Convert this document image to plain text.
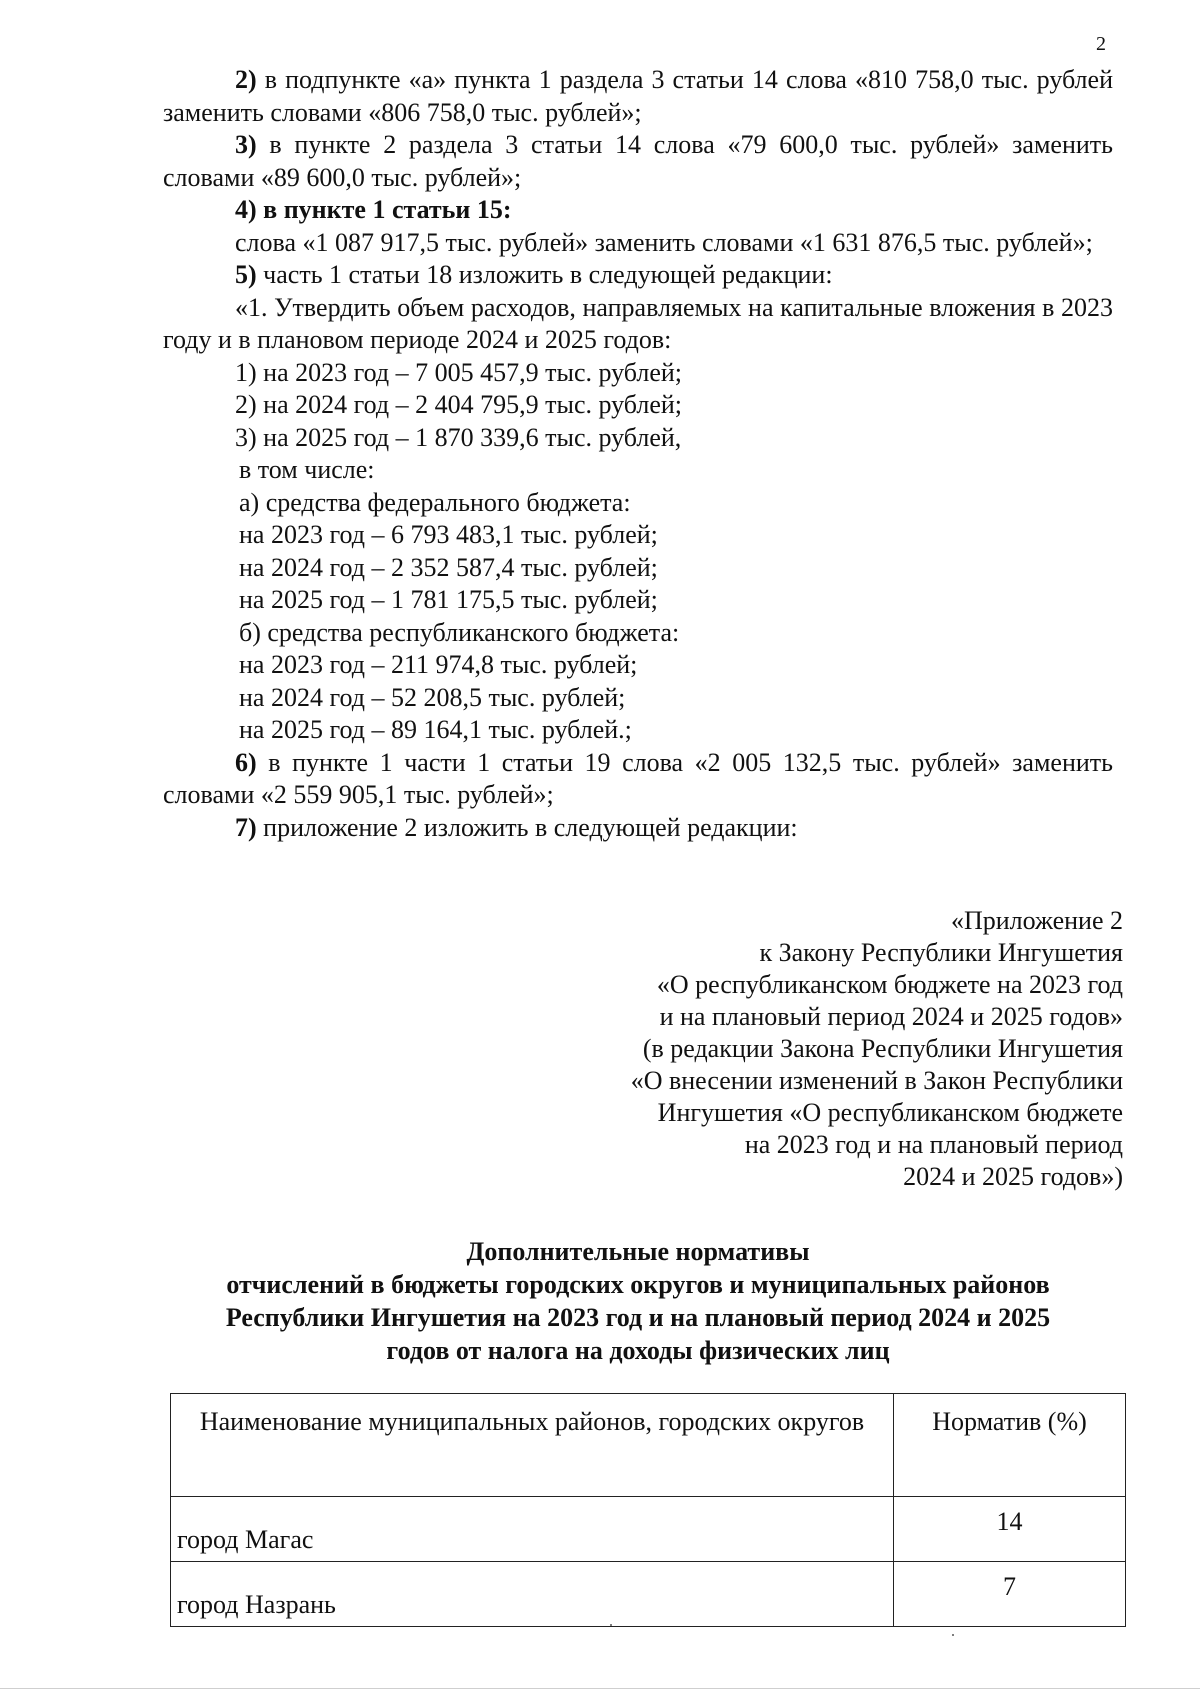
2

2) в подпункте «а» пункта 1 раздела 3 статьи 14 слова «810 758,0 тыс. рублей заменить словами «806 758,0 тыс. рублей»;

3) в пункте 2 раздела 3 статьи 14 слова «79 600,0 тыс. рублей» заменить словами «89 600,0 тыс. рублей»;

4) в пункте 1 статьи 15:

слова «1 087 917,5 тыс. рублей» заменить словами «1 631 876,5 тыс. рублей»;

5) часть 1 статьи 18 изложить в следующей редакции:

«1. Утвердить объем расходов, направляемых на капитальные вложения в 2023 году и в плановом периоде 2024 и 2025 годов:

1) на 2023 год – 7 005 457,9 тыс. рублей;

2) на 2024 год – 2 404 795,9 тыс. рублей;

3) на 2025 год – 1 870 339,6 тыс. рублей,

в том числе:

а) средства федерального бюджета:

на 2023 год – 6 793 483,1 тыс. рублей;

на 2024 год – 2 352 587,4 тыс. рублей;

на 2025 год – 1 781 175,5 тыс. рублей;

б) средства республиканского бюджета:

на 2023 год – 211 974,8 тыс. рублей;

на 2024 год – 52 208,5 тыс. рублей;

на 2025 год – 89 164,1 тыс. рублей.;

6) в пункте 1 части 1 статьи 19 слова «2 005 132,5 тыс. рублей» заменить словами «2 559 905,1 тыс. рублей»;

7) приложение 2 изложить в следующей редакции:

«Приложение 2
к Закону Республики Ингушетия
«О республиканском бюджете на 2023 год
и на плановый период 2024 и 2025 годов»
(в редакции Закона Республики Ингушетия
«О внесении изменений в Закон Республики
Ингушетия «О республиканском бюджете
на 2023 год и на плановый период
2024 и 2025 годов»)
Дополнительные нормативы
отчислений в бюджеты городских округов и муниципальных районов
Республики Ингушетия на 2023 год и на плановый период 2024 и 2025
годов от налога на доходы физических лиц
Наименование муниципальных районов, городских округов	Норматив (%)
город Магас	14
город Назрань	7
